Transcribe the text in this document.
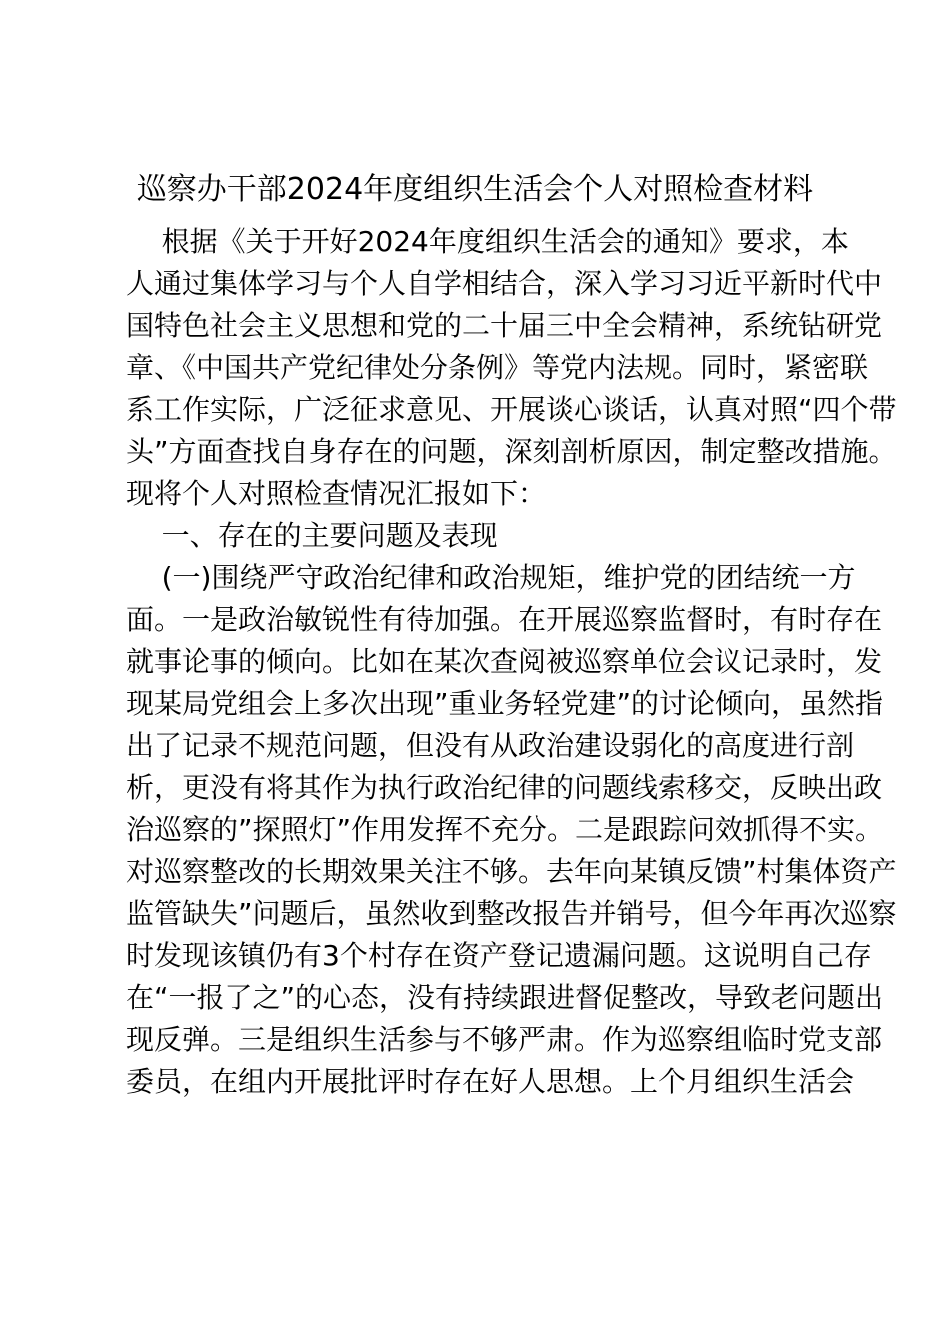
巡察办干部2024年度组织生活会个人对照检查材料
根据《关于开好2024年度组织生活会的通知》要求，本
人通过集体学习与个人自学相结合，深入学习习近平新时代中
国特色社会主义思想和党的二十届三中全会精神，系统钻研党
章、《中国共产党纪律处分条例》等党内法规。同时，紧密联
系工作实际，广泛征求意见、开展谈心谈话，认真对照“四个带
头”方面查找自身存在的问题，深刻剖析原因，制定整改措施。
现将个人对照检查情况汇报如下：
一、存在的主要问题及表现
(一)围绕严守政治纪律和政治规矩，维护党的团结统一方
面。一是政治敏锐性有待加强。在开展巡察监督时，有时存在
就事论事的倾向。比如在某次查阅被巡察单位会议记录时，发
现某局党组会上多次出现”重业务轻党建”的讨论倾向，虽然指
出了记录不规范问题，但没有从政治建设弱化的高度进行剖
析，更没有将其作为执行政治纪律的问题线索移交，反映出政
治巡察的”探照灯”作用发挥不充分。二是跟踪问效抓得不实。
对巡察整改的长期效果关注不够。去年向某镇反馈”村集体资产
监管缺失”问题后，虽然收到整改报告并销号，但今年再次巡察
时发现该镇仍有3个村存在资产登记遗漏问题。这说明自己存
在“一报了之”的心态，没有持续跟进督促整改，导致老问题出
现反弹。三是组织生活参与不够严肃。作为巡察组临时党支部
委员，在组内开展批评时存在好人思想。上个月组织生活会
